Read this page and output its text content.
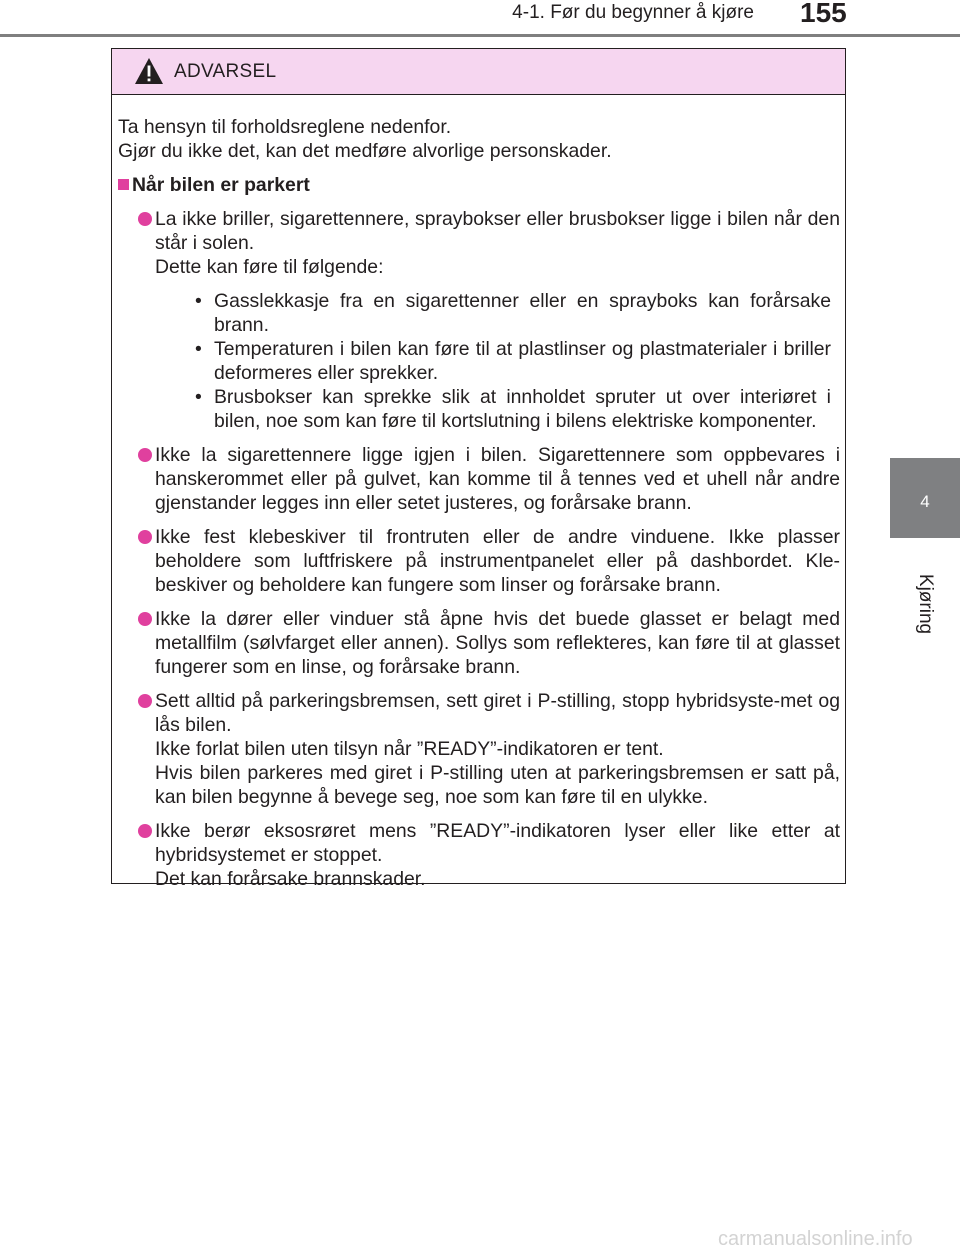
4-1. Før du begynner å kjøre 155
4
Kjøring
ADVARSEL

Ta hensyn til forholdsreglene nedenfor.

Gjør du ikke det, kan det medføre alvorlige personskader.

Når bilen er parkert

La ikke briller, sigarettennere, spraybokser eller brusbokser ligge i bilen når den står i solen.

Dette kan føre til følgende:

• Gasslekkasje fra en sigarettenner eller en sprayboks kan forårsake brann.
• Temperaturen i bilen kan føre til at plastlinser og plastmaterialer i briller deformeres eller sprekker.
• Brusbokser kan sprekke slik at innholdet spruter ut over interiøret i bilen, noe som kan føre til kortslutning i bilens elektriske komponenter.

Ikke la sigarettennere ligge igjen i bilen. Sigarettennere som oppbevares i hanskerommet eller på gulvet, kan komme til å tennes ved et uhell når andre gjenstander legges inn eller setet justeres, og forårsake brann.

Ikke fest klebeskiver til frontruten eller de andre vinduene. Ikke plasser beholdere som luftfriskere på instrumentpanelet eller på dashbordet. Kle-beskiver og beholdere kan fungere som linser og forårsake brann.

Ikke la dører eller vinduer stå åpne hvis det buede glasset er belagt med metallfilm (sølvfarget eller annen). Sollys som reflekteres, kan føre til at glasset fungerer som en linse, og forårsake brann.

Sett alltid på parkeringsbremsen, sett giret i P-stilling, stopp hybridsyste-met og lås bilen.

Ikke forlat bilen uten tilsyn når ”READY”-indikatoren er tent.

Hvis bilen parkeres med giret i P-stilling uten at parkeringsbremsen er satt på, kan bilen begynne å bevege seg, noe som kan føre til en ulykke.

Ikke berør eksosrøret mens ”READY”-indikatoren lyser eller like etter at hybridsystemet er stoppet.

Det kan forårsake brannskader.

carmanualsonline.info
